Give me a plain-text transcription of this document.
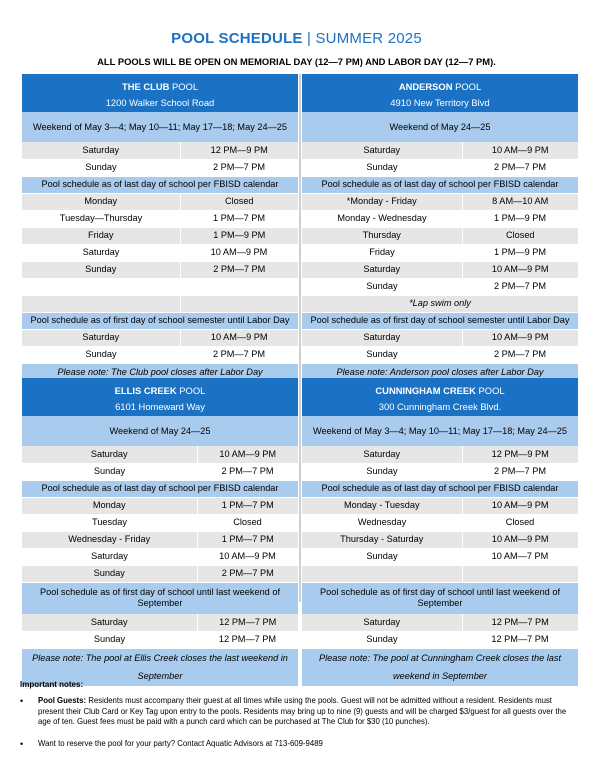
POOL SCHEDULE | SUMMER 2025
ALL POOLS WILL BE OPEN ON MEMORIAL DAY (12—7 PM) AND LABOR DAY (12—7 PM).
THE CLUB POOL	
1200 Walker School Road	
Weekend of May 3—4; May 10—11; May 17—18; May 24—25	
Saturday	12 PM—9 PM
Sunday	2 PM—7 PM
Pool schedule as of last day of school per FBISD calendar	
Monday	Closed
Tuesday—Thursday	1 PM—7 PM
Friday	1 PM—9 PM
Saturday	10 AM—9 PM
Sunday	2 PM—7 PM

Pool schedule as of first day of school semester until Labor Day	
Saturday	10 AM—9 PM
Sunday	2 PM—7 PM
Please note: The Club pool closes after Labor Day	
ANDERSON POOL	
4910 New Territory Blvd	
Weekend of May 24—25	
Saturday	10 AM—9 PM
Sunday	2 PM—7 PM
Pool schedule as of last day of school per FBISD calendar	
*Monday - Friday	8 AM—10 AM
Monday - Wednesday	1 PM—9 PM
Thursday	Closed
Friday	1 PM—9 PM
Saturday	10 AM—9 PM
Sunday	2 PM—7 PM
*Lap swim only	
Pool schedule as of first day of school semester until Labor Day	
Saturday	10 AM—9 PM
Sunday	2 PM—7 PM
Please note: Anderson pool closes after Labor Day	
ELLIS CREEK POOL	
6101 Homeward Way	
Weekend of May 24—25	
Saturday	10 AM—9 PM
Sunday	2 PM—7 PM
Pool schedule as of last day of school per FBISD calendar	
Monday	1 PM—7 PM
Tuesday	Closed
Wednesday - Friday	1 PM—7 PM
Saturday	10 AM—9 PM
Sunday	2 PM—7 PM
Pool schedule as of first day of school until last weekend of September	
Saturday	12 PM—7 PM
Sunday	12 PM—7 PM
Please note: The pool at Ellis Creek closes the last weekend in September	
CUNNINGHAM CREEK POOL	
300 Cunningham Creek Blvd.	
Weekend of May 3—4; May 10—11; May 17—18; May 24—25	
Saturday	12 PM—9 PM
Sunday	2 PM—7 PM
Pool schedule as of last day of school per FBISD calendar	
Monday - Tuesday	10 AM—9 PM
Wednesday	Closed
Thursday - Saturday	10 AM—9 PM
Sunday	10 AM—7 PM

Pool schedule as of first day of school until last weekend of September	
Saturday	12 PM—7 PM
Sunday	12 PM—7 PM
Please note: The pool at Cunningham Creek closes the last weekend in September	
Important notes:
• Pool Guests: Residents must accompany their guest at all times while using the pools. Guest will not be admitted without a resident. Residents must present their Club Card or Key Tag upon entry to the pools. Residents may bring up to nine (9) guests and will be charged $3/guest for all guests over the age of ten. Guest fees must be paid with a punch card which can be purchased at The Club for $30 (10 punches).
• Want to reserve the pool for your party? Contact Aquatic Advisors at 713-609-9489
